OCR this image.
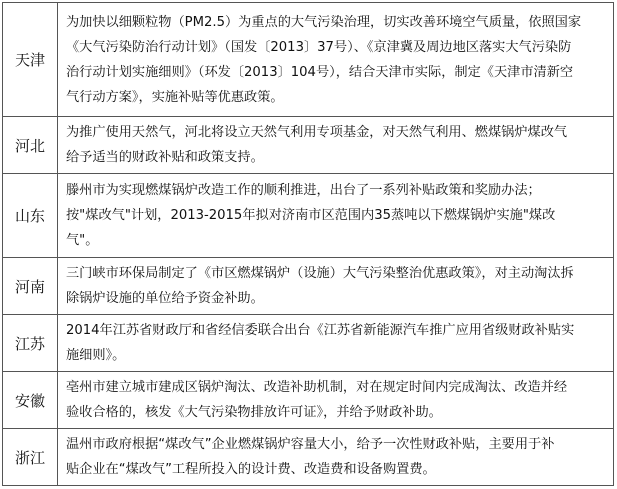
天津	为加快以细颗粒物（PM2.5）为重点的大气污染治理，切实改善环境空气质量，依照国家
《大气污染防治行动计划》（国发〔2013〕37号）、《京津冀及周边地区落实大气污染防
治行动计划实施细则》（环发〔2013〕104号），结合天津市实际，制定《天津市清新空
气行动方案》，实施补贴等优惠政策。

河北	为推广使用天然气，河北将设立天然气利用专项基金，对天然气利用、燃煤锅炉煤改气
给予适当的财政补贴和政策支持。

山东	滕州市为实现燃煤锅炉改造工作的顺利推进，出台了一系列补贴政策和奖励办法；
按"煤改气"计划，2013-2015年拟对济南市区范围内35蒸吨以下燃煤锅炉实施"煤改
气"。

河南	三门峡市环保局制定了《市区燃煤锅炉（设施）大气污染整治优惠政策》，对主动淘汰拆
除锅炉设施的单位给予资金补助。

江苏	2014年江苏省财政厅和省经信委联合出台《江苏省新能源汽车推广应用省级财政补贴实
施细则》。

安徽	亳州市建立城市建成区锅炉淘汰、改造补助机制，对在规定时间内完成淘汰、改造并经
验收合格的，核发《大气污染物排放许可证》，并给予财政补助。

浙江	温州市政府根据“煤改气”企业燃煤锅炉容量大小，给予一次性财政补贴，主要用于补
贴企业在“煤改气”工程所投入的设计费、改造费和设备购置费。
